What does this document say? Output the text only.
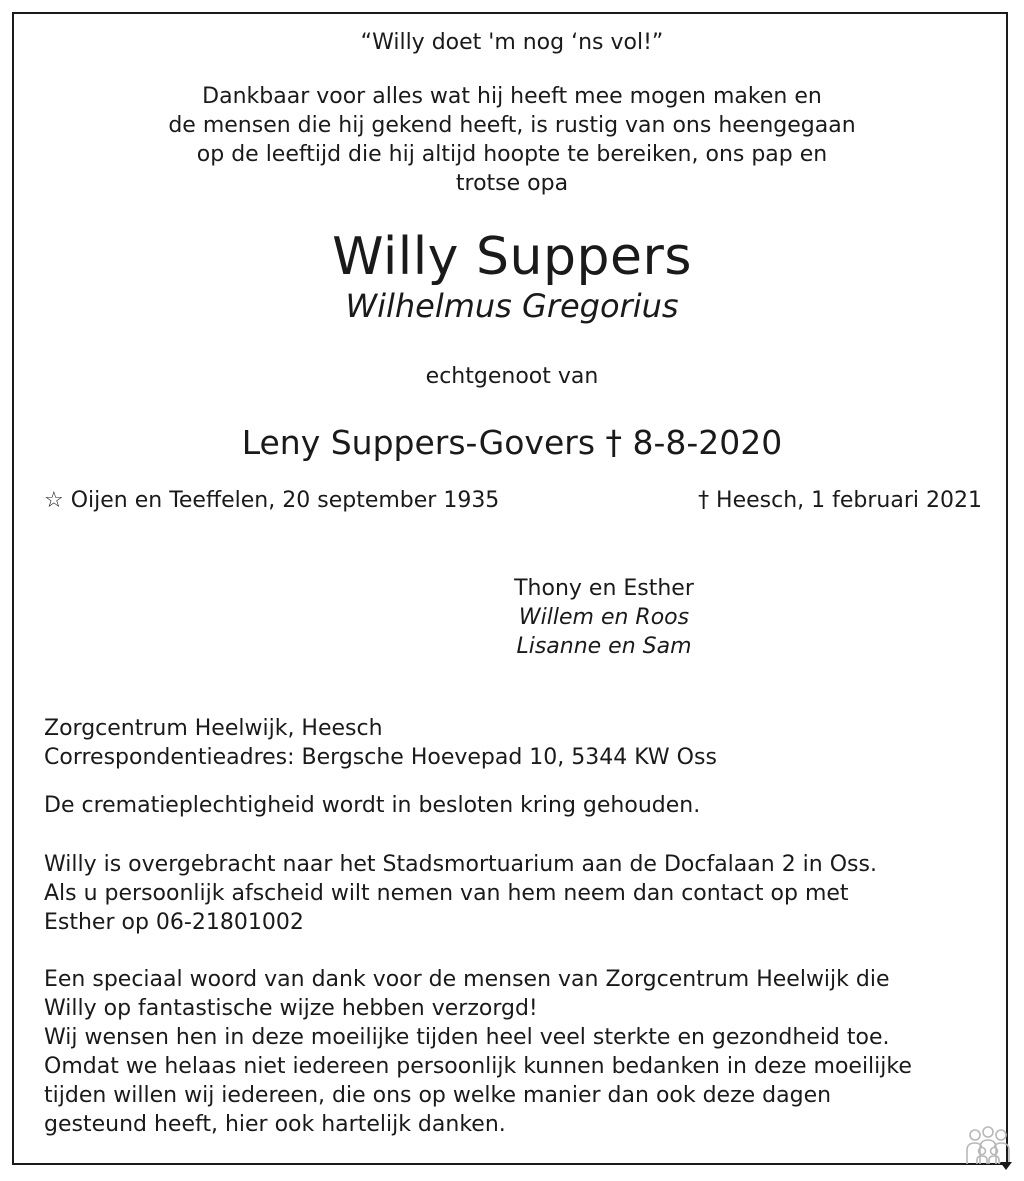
“Willy doet 'm nog ‘ns vol!”
Dankbaar voor alles wat hij heeft mee mogen maken en
de mensen die hij gekend heeft, is rustig van ons heengegaan
op de leeftijd die hij altijd hoopte te bereiken, ons pap en
trotse opa
Willy Suppers
Wilhelmus Gregorius
echtgenoot van
Leny Suppers-Govers † 8-8-2020
☆ Oijen en Teeffelen, 20 september 1935	† Heesch, 1 februari 2021
Thony en Esther
Willem en Roos
Lisanne en Sam
Zorgcentrum Heelwijk, Heesch
Correspondentieadres: Bergsche Hoevepad 10, 5344 KW Oss
De crematieplechtigheid wordt in besloten kring gehouden.
Willy is overgebracht naar het Stadsmortuarium aan de Docfalaan 2 in Oss.
Als u persoonlijk afscheid wilt nemen van hem neem dan contact op met
Esther op 06-21801002
Een speciaal woord van dank voor de mensen van Zorgcentrum Heelwijk die
Willy op fantastische wijze hebben verzorgd!
Wij wensen hen in deze moeilijke tijden heel veel sterkte en gezondheid toe.
Omdat we helaas niet iedereen persoonlijk kunnen bedanken in deze moeilijke
tijden willen wij iedereen, die ons op welke manier dan ook deze dagen
gesteund heeft, hier ook hartelijk danken.
